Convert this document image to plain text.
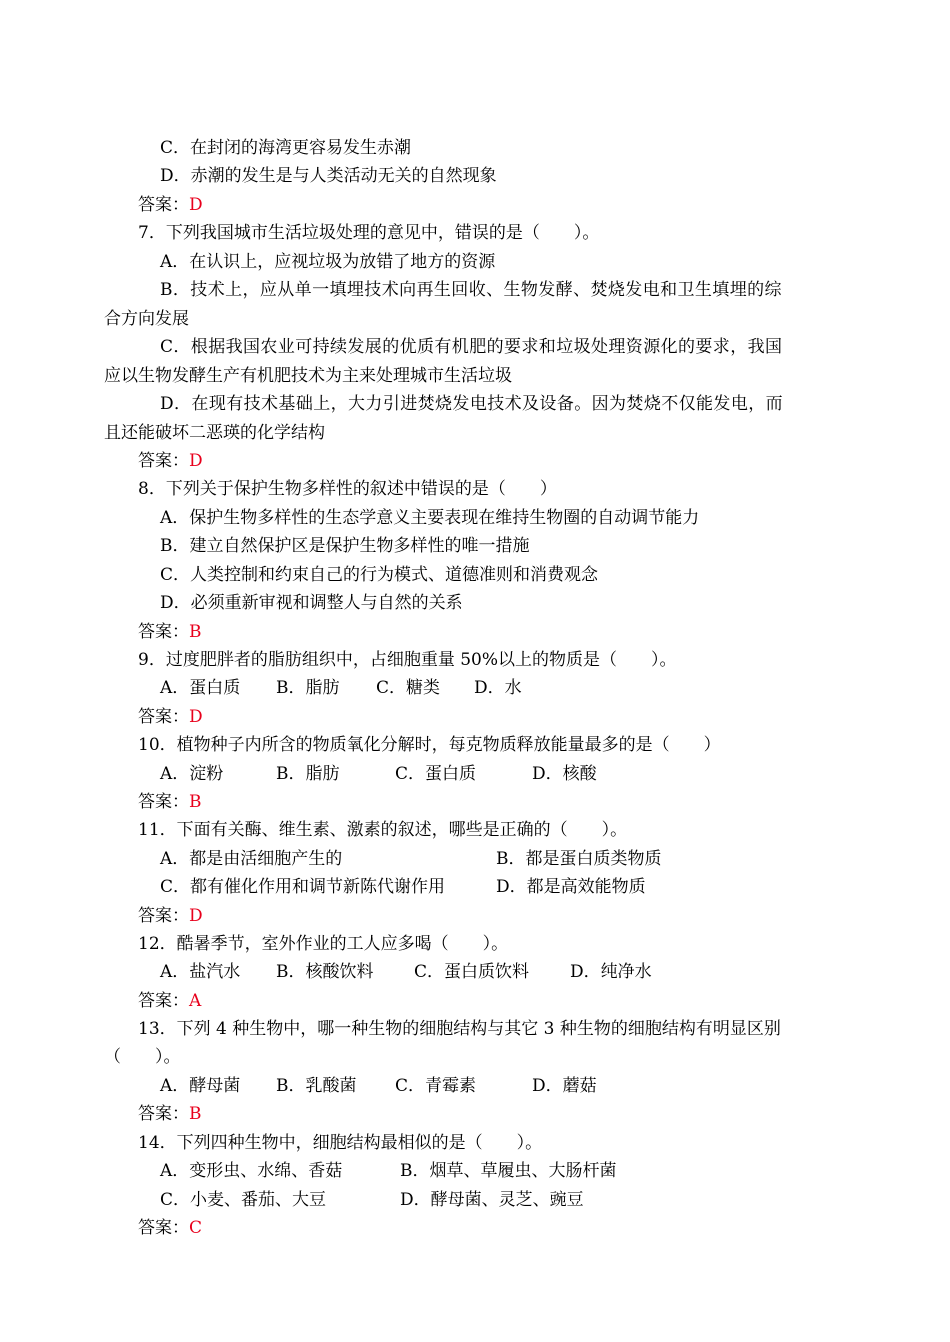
C．在封闭的海湾更容易发生赤潮
D．赤潮的发生是与人类活动无关的自然现象
答案：D
7．下列我国城市生活垃圾处理的意见中，错误的是（　　）。
A．在认识上，应视垃圾为放错了地方的资源
B．技术上，应从单一填埋技术向再生回收、生物发酵、焚烧发电和卫生填埋的综
合方向发展
C．根据我国农业可持续发展的优质有机肥的要求和垃圾处理资源化的要求，我国
应以生物发酵生产有机肥技术为主来处理城市生活垃圾
D．在现有技术基础上，大力引进焚烧发电技术及设备。因为焚烧不仅能发电，而
且还能破坏二恶瑛的化学结构
答案：D
8．下列关于保护生物多样性的叙述中错误的是（　　）
A．保护生物多样性的生态学意义主要表现在维持生物圈的自动调节能力
B．建立自然保护区是保护生物多样性的唯一措施
C．人类控制和约束自己的行为模式、道德准则和消费观念
D．必须重新审视和调整人与自然的关系
答案：B
9．过度肥胖者的脂肪组织中，占细胞重量 50%以上的物质是（　　）。
A．蛋白质 B．脂肪 C．糖类 D．水
答案：D
10．植物种子内所含的物质氧化分解时，每克物质释放能量最多的是（　　）
A．淀粉	B．脂肪	C．蛋白质	D．核酸
答案：B
11．下面有关酶、维生素、激素的叙述，哪些是正确的（　　）。
A．都是由活细胞产生的	B．都是蛋白质类物质
C．都有催化作用和调节新陈代谢作用	D．都是高效能物质
答案：D
12．酷暑季节，室外作业的工人应多喝（　　）。
A．盐汽水 B．核酸饮料 C．蛋白质饮料 D．纯净水
答案：A
13．下列 4 种生物中，哪一种生物的细胞结构与其它 3 种生物的细胞结构有明显区别
（　　）。
A．酵母菌 B．乳酸菌 C．青霉素	D．蘑菇
答案：B
14．下列四种生物中，细胞结构最相似的是（　　）。
A．变形虫、水绵、香菇	B．烟草、草履虫、大肠杆菌
C．小麦、番茄、大豆	D．酵母菌、灵芝、豌豆
答案：C
